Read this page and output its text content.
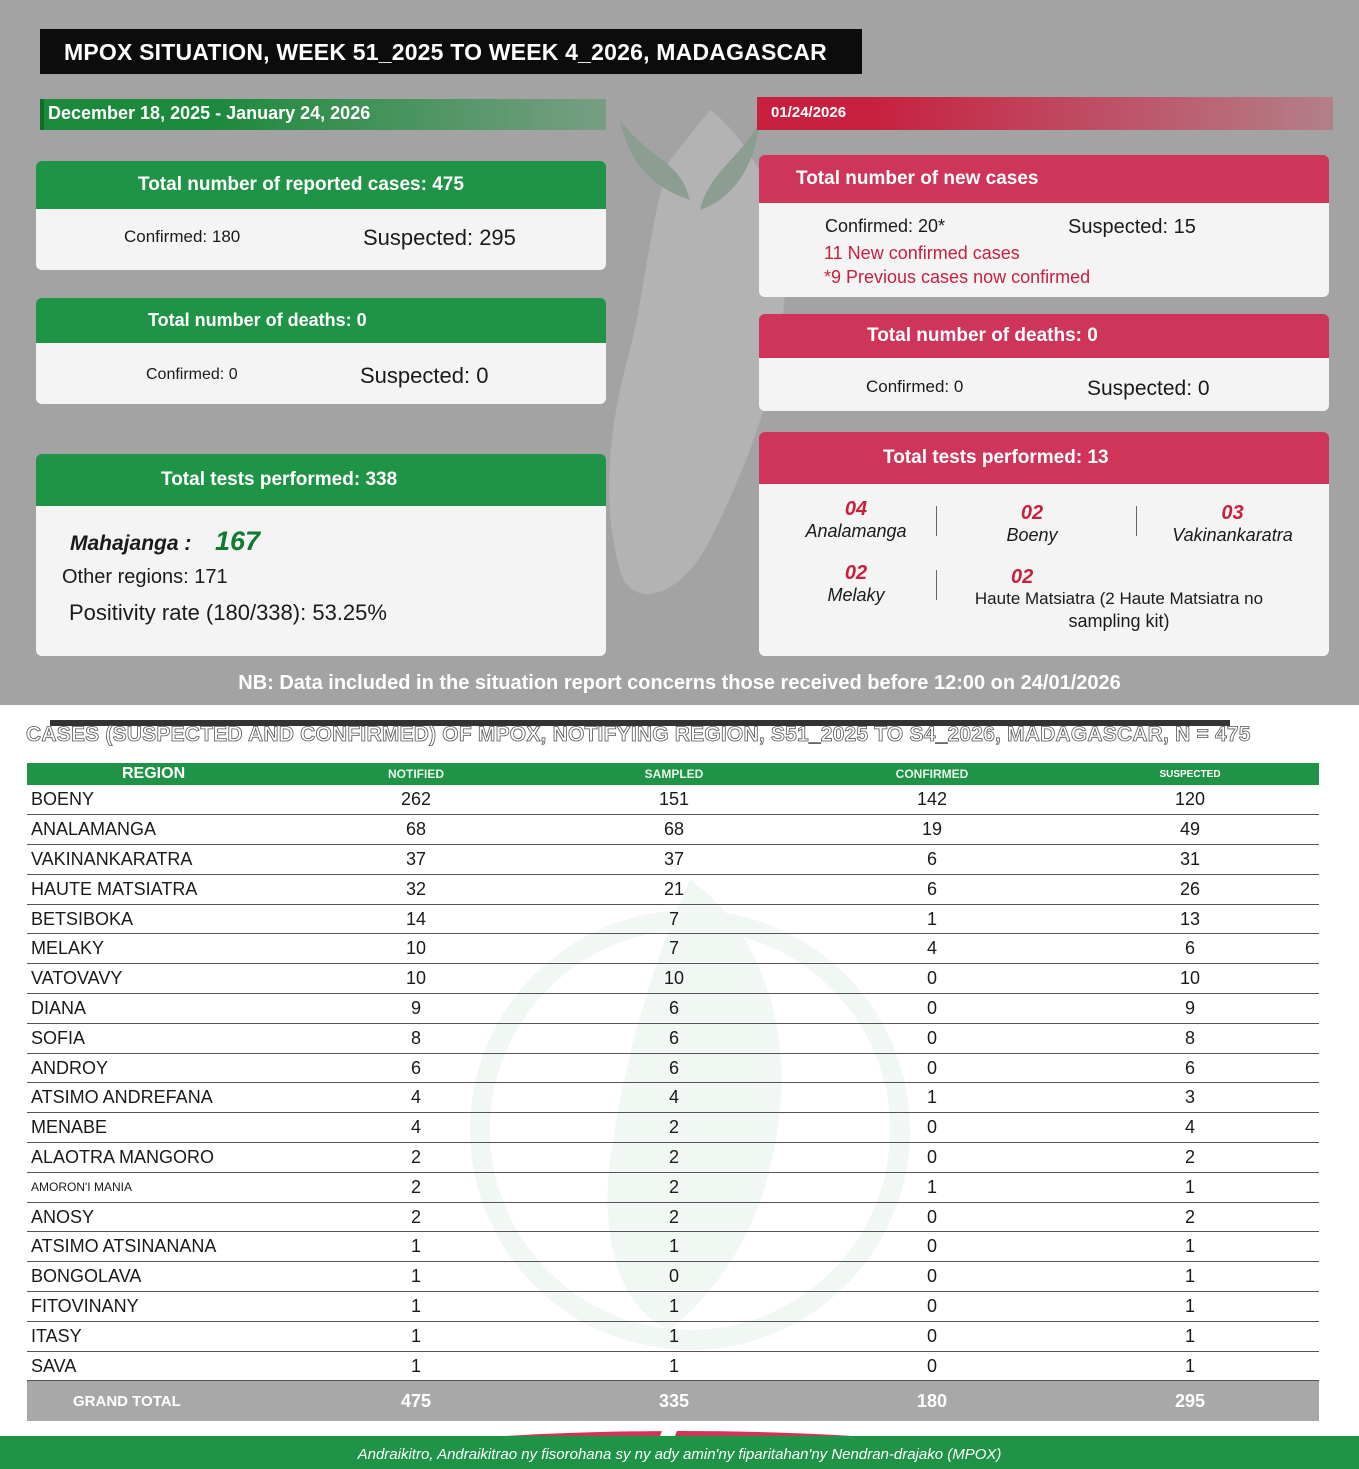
MPOX SITUATION, WEEK 51_2025 TO WEEK 4_2026, MADAGASCAR
December 18, 2025 - January 24, 2026	01/24/2026
Total number of reported cases: 475
Confirmed: 180	Suspected: 295
Total number of deaths: 0
Confirmed: 0	Suspected: 0
Total tests performed: 338
Mahajanga : 167
Other regions: 171
Positivity rate (180/338): 53.25%
Total number of new cases
Confirmed: 20*	Suspected: 15
11 New confirmed cases
*9 Previous cases now confirmed
Total number of deaths: 0
Confirmed: 0	Suspected: 0
Total tests performed: 13
04
Analamanga
02
Boeny
03
Vakinankaratra
02
Melaky
02
Haute Matsiatra (2 Haute Matsiatra no
sampling kit)
NB: Data included in the situation report concerns those received before 12:00 on 24/01/2026
CASES (SUSPECTED AND CONFIRMED) OF MPOX, NOTIFYING REGION, S51_2025 TO S4_2026, MADAGASCAR, N = 475
REGION	NOTIFIED	SAMPLED	CONFIRMED	SUSPECTED
BOENY	262	151	142	120
ANALAMANGA	68	68	19	49
VAKINANKARATRA	37	37	6	31
HAUTE MATSIATRA	32	21	6	26
BETSIBOKA	14	7	1	13
MELAKY	10	7	4	6
VATOVAVY	10	10	0	10
DIANA	9	6	0	9
SOFIA	8	6	0	8
ANDROY	6	6	0	6
ATSIMO ANDREFANA	4	4	1	3
MENABE	4	2	0	4
ALAOTRA MANGORO	2	2	0	2
AMORON'I MANIA	2	2	1	1
ANOSY	2	2	0	2
ATSIMO ATSINANANA	1	1	0	1
BONGOLAVA	1	0	0	1
FITOVINANY	1	1	0	1
ITASY	1	1	0	1
SAVA	1	1	0	1
GRAND TOTAL	475	335	180	295
Andraikitro, Andraikitrao ny fisorohana sy ny ady amin'ny fiparitahan'ny Nendran-drajako (MPOX)
